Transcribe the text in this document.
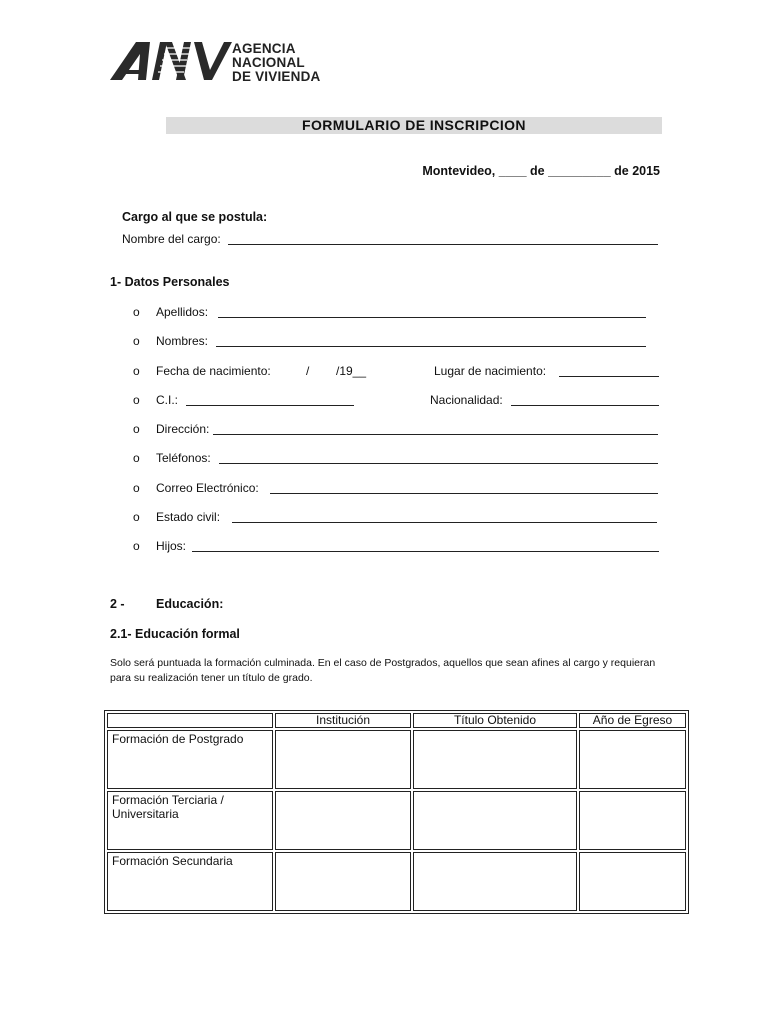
AGENCIA
NACIONAL
DE VIVIENDA
FORMULARIO DE INSCRIPCION
Montevideo, ____ de _________ de 2015
Cargo al que se postula:
Nombre del cargo:
1- Datos Personales
o Apellidos:
o Nombres:
o Fecha de nacimiento:	/ /19__	Lugar de nacimiento:
o C.I.:	Nacionalidad:
o Dirección:
o Teléfonos:
o Correo Electrónico:
o Estado civil:
o Hijos:
2 -	Educación:
2.1- Educación formal
Solo será puntuada la formación culminada. En el caso de Postgrados, aquellos que sean afines al cargo y requieran para su realización tener un título de grado.
	Institución	Título Obtenido	Año de Egreso
Formación de Postgrado			
Formación Terciaria / Universitaria			
Formación Secundaria			
